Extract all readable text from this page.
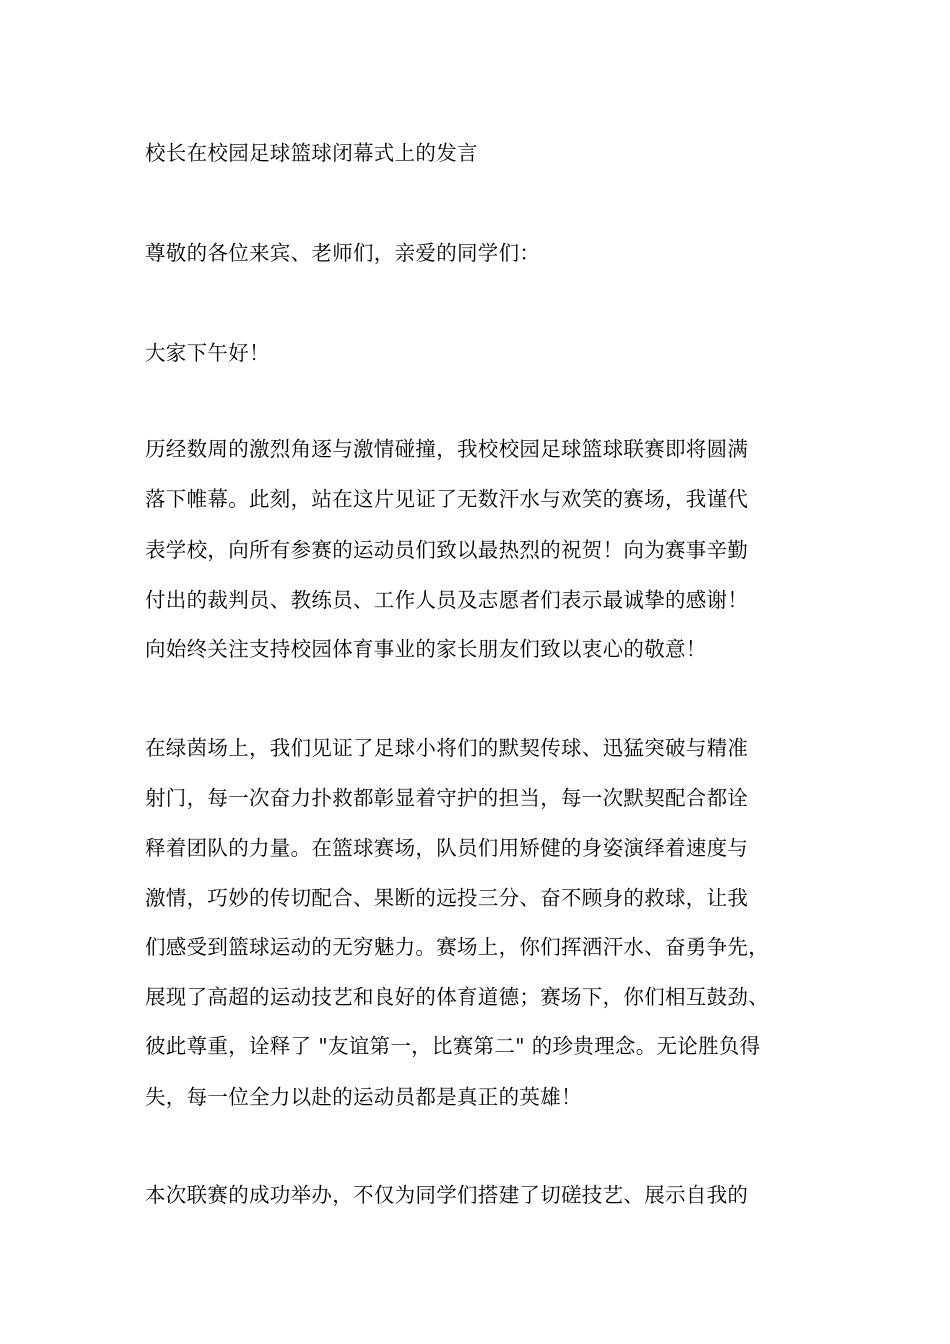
校长在校园足球篮球闭幕式上的发言
尊敬的各位来宾、老师们，亲爱的同学们：
大家下午好！
历经数周的激烈角逐与激情碰撞，我校校园足球篮球联赛即将圆满
落下帷幕。此刻，站在这片见证了无数汗水与欢笑的赛场，我谨代
表学校，向所有参赛的运动员们致以最热烈的祝贺！向为赛事辛勤
付出的裁判员、教练员、工作人员及志愿者们表示最诚挚的感谢！
向始终关注支持校园体育事业的家长朋友们致以衷心的敬意！
在绿茵场上，我们见证了足球小将们的默契传球、迅猛突破与精准
射门，每一次奋力扑救都彰显着守护的担当，每一次默契配合都诠
释着团队的力量。在篮球赛场，队员们用矫健的身姿演绎着速度与
激情，巧妙的传切配合、果断的远投三分、奋不顾身的救球，让我
们感受到篮球运动的无穷魅力。赛场上，你们挥洒汗水、奋勇争先，
展现了高超的运动技艺和良好的体育道德；赛场下，你们相互鼓劲、
彼此尊重，诠释了 "友谊第一，比赛第二" 的珍贵理念。无论胜负得
失，每一位全力以赴的运动员都是真正的英雄！
本次联赛的成功举办，不仅为同学们搭建了切磋技艺、展示自我的
